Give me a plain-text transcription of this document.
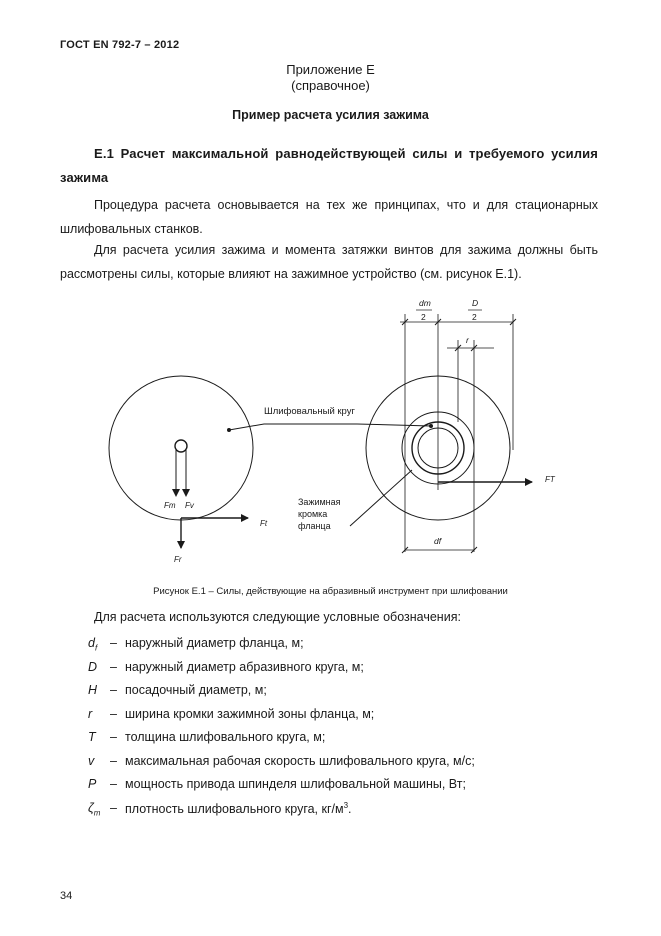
ГОСТ EN 792-7 – 2012
Приложение Е
(справочное)
Пример расчета усилия зажима
Е.1 Расчет максимальной равнодействующей силы и требуемого усилия зажима
Процедура расчета основывается на тех же принципах, что и для стационарных шлифовальных станков.
Для расчета усилия зажима и момента затяжки винтов для зажима должны быть рассмотрены силы, которые влияют на зажимное устройство (см. рисунок Е.1).
Шлифовальный круг
Зажимная
кромка
фланца
dm
2
D
2
r
df
Fm Fv
Ft
Fr
FT
Рисунок Е.1 – Силы, действующие на абразивный инструмент при шлифовании
Для расчета используются следующие условные обозначения:
$d_f$ – наружный диаметр фланца, м;
D – наружный диаметр абразивного круга, м;
H – посадочный диаметр, м;
r – ширина кромки зажимной зоны фланца, м;
T – толщина шлифовального круга, м;
v – максимальная рабочая скорость шлифовального круга, м/с;
P – мощность привода шпинделя шлифовальной машины, Вт;
$\zeta_m$ – плотность шлифовального круга, $кг/м^3$.
34
